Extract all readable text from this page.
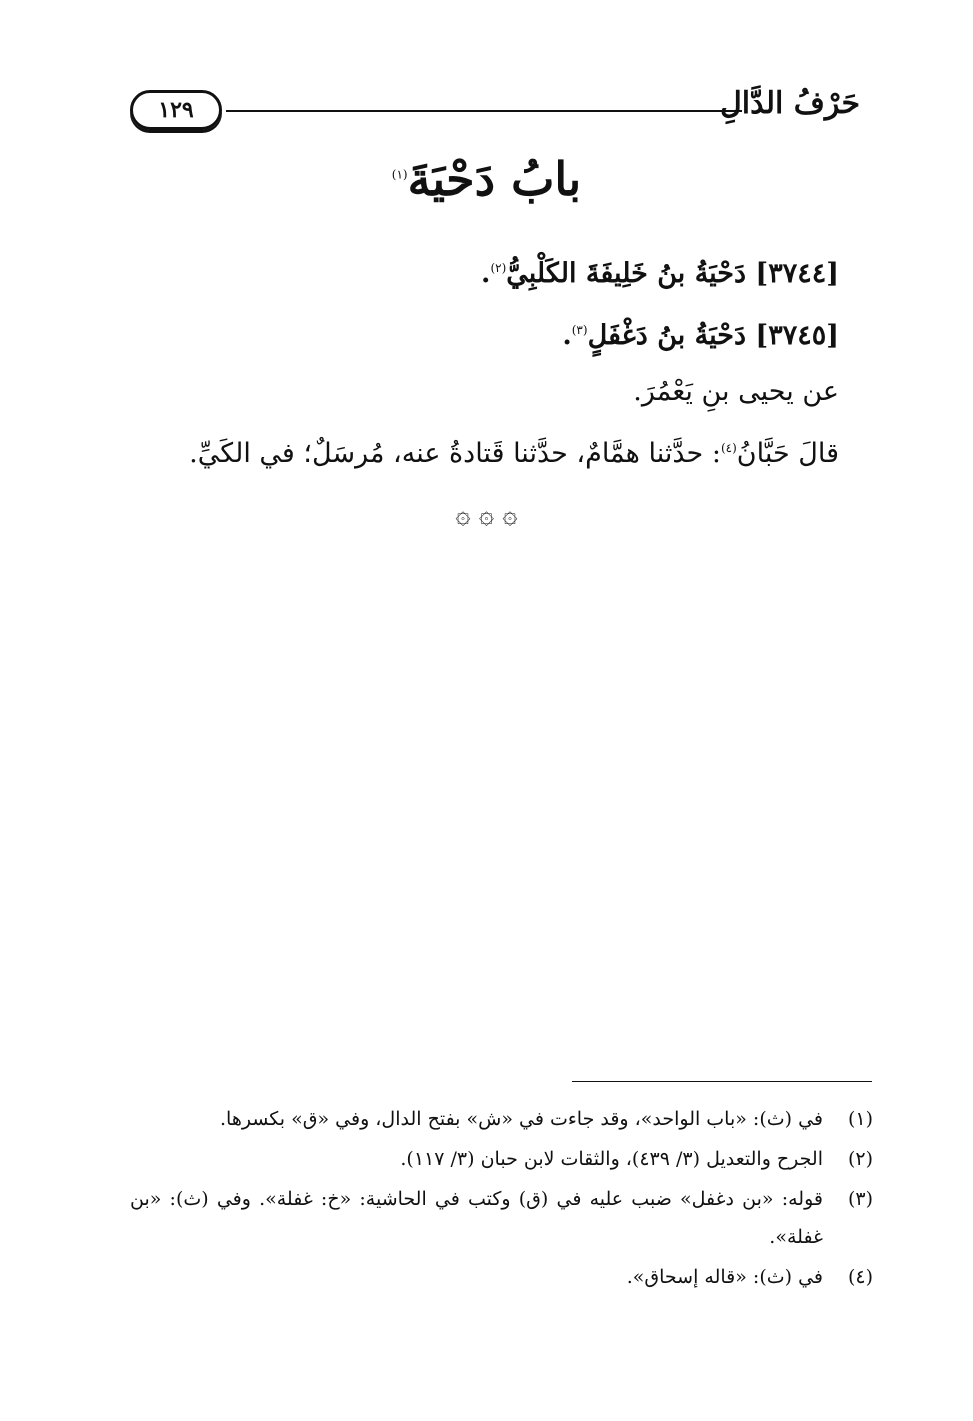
١٢٩	حَرْفُ الدَّالِ
بابُ دَحْيَةَ$^{(١)}$
[٣٧٤٤] دَحْيَةُ بنُ خَلِيفَةَ الكَلْبِيُّ$^{(٢)}$.
[٣٧٤٥] دَحْيَةُ بنُ دَغْفَلٍ$^{(٣)}$.
عن يحيى بنِ يَعْمُرَ.
قالَ حَبَّانُ$^{(٤)}$: حدَّثنا همَّامٌ، حدَّثنا قَتادةُ عنه، مُرسَلٌ؛ في الكَيِّ.
۞ ۞ ۞
(١)
في (ث): «باب الواحد»، وقد جاءت في «ش» بفتح الدال، وفي «ق» بكسرها.
(٢)
الجرح والتعديل (٣/ ٤٣٩)، والثقات لابن حبان (٣/ ١١٧).
(٣)
قوله: «بن دغفل» ضبب عليه في (ق) وكتب في الحاشية: «خ: غفلة». وفي (ث): «بن غفلة».
(٤)
في (ث): «قاله إسحاق».
